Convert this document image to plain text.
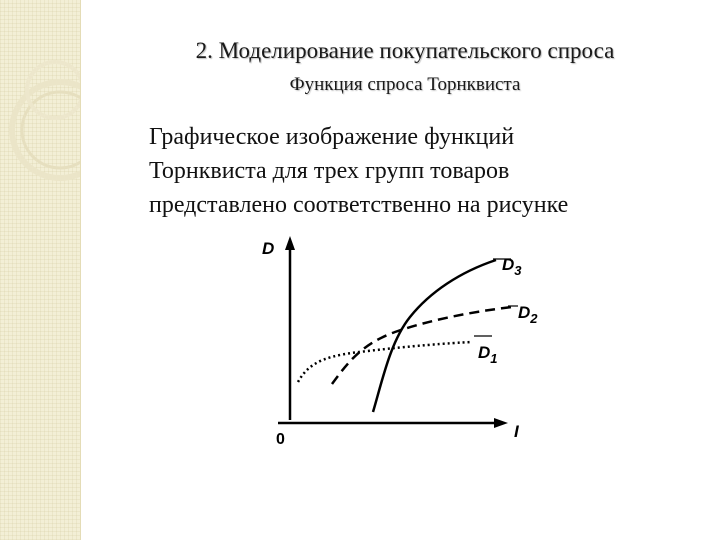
2. Моделирование покупательского спроса
Функция спроса Торнквиста
Графическое изображение функций
Торнквиста для трех групп товаров
представлено соответственно на рисунке
D
I
0
$D_3$
$D_2$
$D_1$
